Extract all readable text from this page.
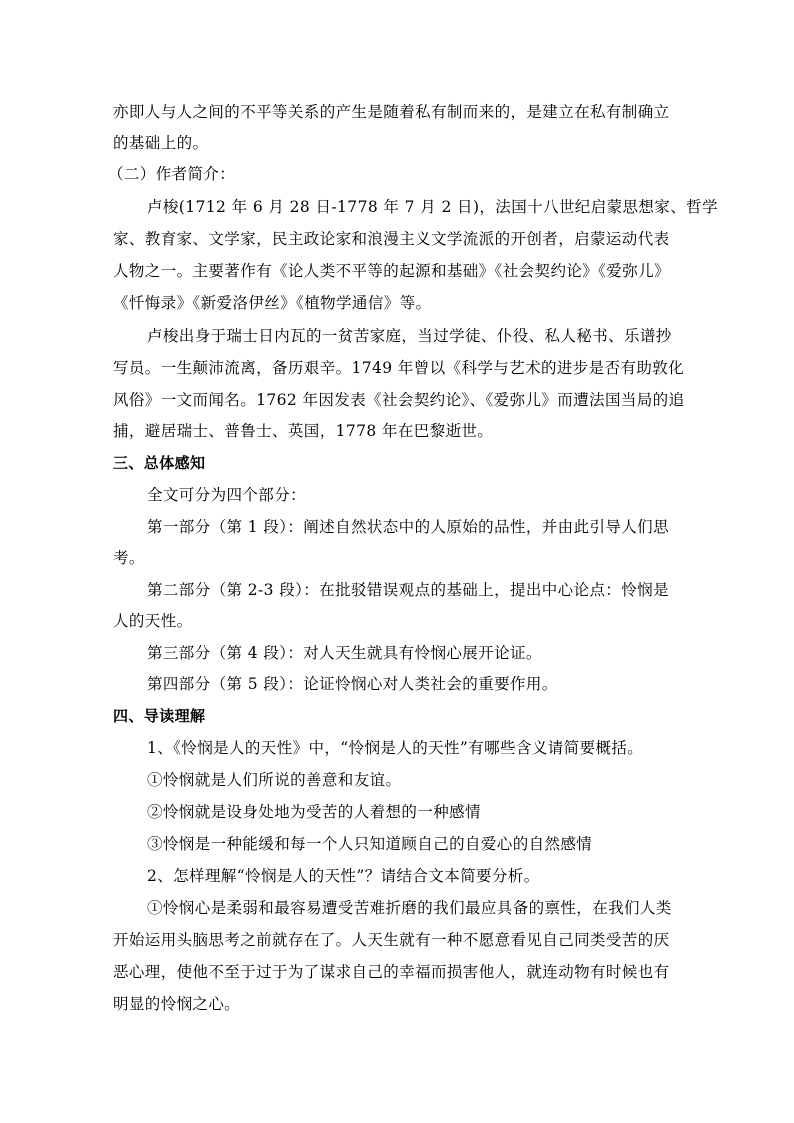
亦即人与人之间的不平等关系的产生是随着私有制而来的，是建立在私有制确立
的基础上的。
（二）作者简介：
卢梭(1712 年 6 月 28 日-1778 年 7 月 2 日)，法国十八世纪启蒙思想家、哲学
家、教育家、文学家，民主政论家和浪漫主义文学流派的开创者，启蒙运动代表
人物之一。主要著作有《论人类不平等的起源和基础》《社会契约论》《爱弥儿》
《忏悔录》《新爱洛伊丝》《植物学通信》等。
卢梭出身于瑞士日内瓦的一贫苦家庭，当过学徒、仆役、私人秘书、乐谱抄
写员。一生颠沛流离，备历艰辛。1749 年曾以《科学与艺术的进步是否有助敦化
风俗》一文而闻名。1762 年因发表《社会契约论》、《爱弥儿》而遭法国当局的追
捕，避居瑞士、普鲁士、英国，1778 年在巴黎逝世。
三、总体感知
全文可分为四个部分：
第一部分（第 1 段）：阐述自然状态中的人原始的品性，并由此引导人们思
考。
第二部分（第 2-3 段）：在批驳错误观点的基础上，提出中心论点：怜悯是
人的天性。
第三部分（第 4 段）：对人天生就具有怜悯心展开论证。
第四部分（第 5 段）：论证怜悯心对人类社会的重要作用。
四、导读理解
1、《怜悯是人的天性》中，“怜悯是人的天性”有哪些含义请简要概括。
①怜悯就是人们所说的善意和友谊。
②怜悯就是设身处地为受苦的人着想的一种感情
③怜悯是一种能缓和每一个人只知道顾自己的自爱心的自然感情
2、怎样理解“怜悯是人的天性”？请结合文本简要分析。
①怜悯心是柔弱和最容易遭受苦难折磨的我们最应具备的禀性，在我们人类
开始运用头脑思考之前就存在了。人天生就有一种不愿意看见自己同类受苦的厌
恶心理，使他不至于过于为了谋求自己的幸福而损害他人，就连动物有时候也有
明显的怜悯之心。
